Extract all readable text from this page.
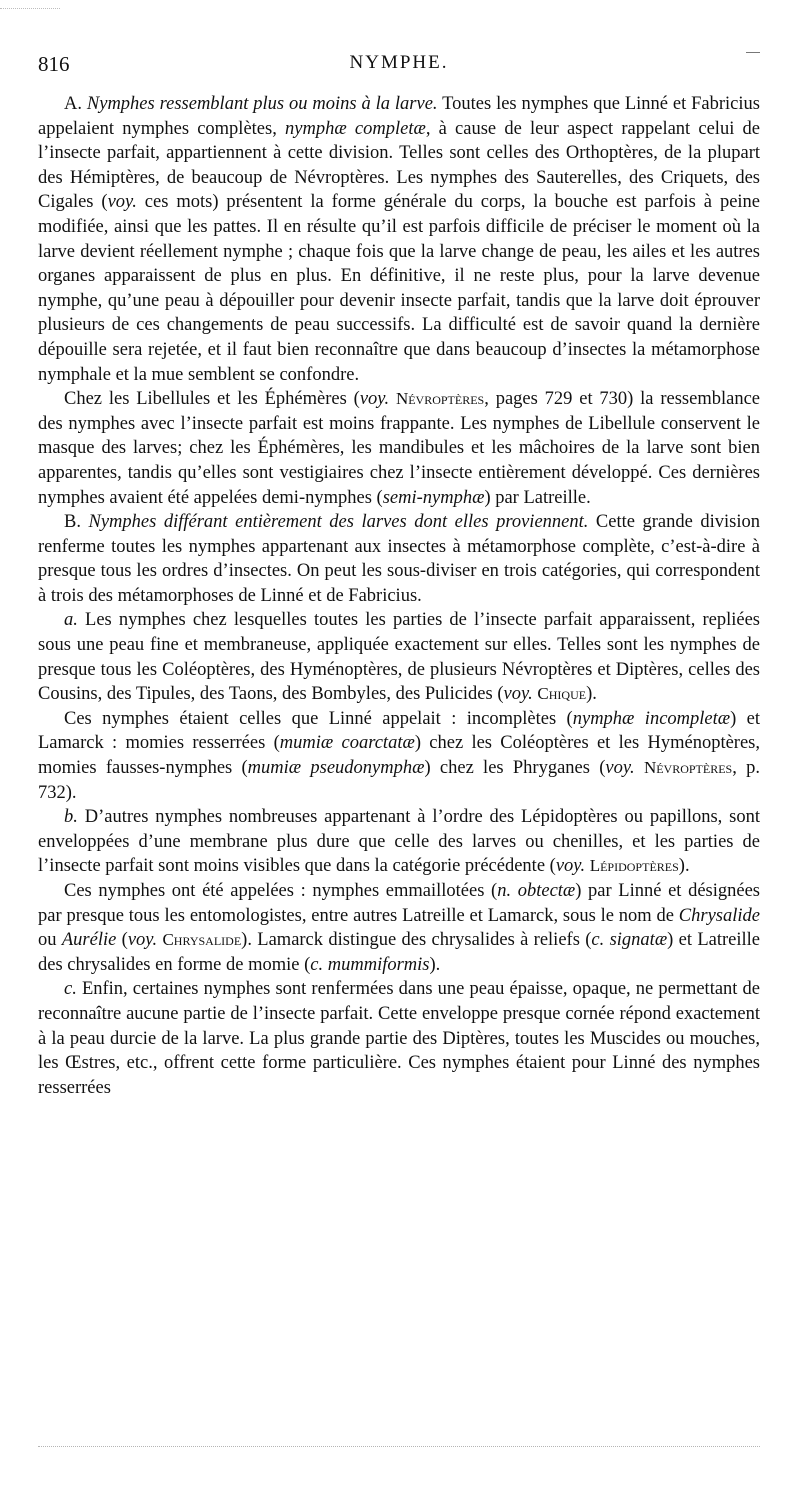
816	NYMPHE.

A. Nymphes ressemblant plus ou moins à la larve. Toutes les nymphes que Linné et Fabricius appelaient nymphes complètes, nymphæ completæ, à cause de leur aspect rappelant celui de l’insecte parfait, appartiennent à cette division. Telles sont celles des Orthoptères, de la plupart des Hémiptères, de beaucoup de Névroptères. Les nymphes des Sauterelles, des Criquets, des Cigales (voy. ces mots) présentent la forme générale du corps, la bouche est parfois à peine modifiée, ainsi que les pattes. Il en résulte qu’il est parfois difficile de préciser le moment où la larve devient réellement nymphe ; chaque fois que la larve change de peau, les ailes et les autres organes apparaissent de plus en plus. En définitive, il ne reste plus, pour la larve devenue nymphe, qu’une peau à dépouiller pour devenir insecte parfait, tandis que la larve doit éprouver plusieurs de ces changements de peau successifs. La difficulté est de savoir quand la dernière dépouille sera rejetée, et il faut bien reconnaître que dans beaucoup d’insectes la métamorphose nymphale et la mue semblent se confondre.

Chez les Libellules et les Éphémères (voy. Névroptères, pages 729 et 730) la ressemblance des nymphes avec l’insecte parfait est moins frappante. Les nymphes de Libellule conservent le masque des larves; chez les Éphémères, les mandibules et les mâchoires de la larve sont bien apparentes, tandis qu’elles sont vestigiaires chez l’insecte entièrement développé. Ces dernières nymphes avaient été appelées demi-nymphes (semi-nymphæ) par Latreille.

B. Nymphes différant entièrement des larves dont elles proviennent. Cette grande division renferme toutes les nymphes appartenant aux insectes à métamorphose complète, c’est-à-dire à presque tous les ordres d’insectes. On peut les sous-diviser en trois catégories, qui correspondent à trois des métamorphoses de Linné et de Fabricius.

a. Les nymphes chez lesquelles toutes les parties de l’insecte parfait apparaissent, repliées sous une peau fine et membraneuse, appliquée exactement sur elles. Telles sont les nymphes de presque tous les Coléoptères, des Hyménoptères, de plusieurs Névroptères et Diptères, celles des Cousins, des Tipules, des Taons, des Bombyles, des Pulicides (voy. Chique).

Ces nymphes étaient celles que Linné appelait : incomplètes (nymphæ incompletæ) et Lamarck : momies resserrées (mumiæ coarctatæ) chez les Coléoptères et les Hyménoptères, momies fausses-nymphes (mumiæ pseudonymphæ) chez les Phryganes (voy. Névroptères, p. 732).

b. D’autres nymphes nombreuses appartenant à l’ordre des Lépidoptères ou papillons, sont enveloppées d’une membrane plus dure que celle des larves ou chenilles, et les parties de l’insecte parfait sont moins visibles que dans la catégorie précédente (voy. Lépidoptères).

Ces nymphes ont été appelées : nymphes emmaillotées (n. obtectæ) par Linné et désignées par presque tous les entomologistes, entre autres Latreille et Lamarck, sous le nom de Chrysalide ou Aurélie (voy. Chrysalide). Lamarck distingue des chrysalides à reliefs (c. signatæ) et Latreille des chrysalides en forme de momie (c. mummiformis).

c. Enfin, certaines nymphes sont renfermées dans une peau épaisse, opaque, ne permettant de reconnaître aucune partie de l’insecte parfait. Cette enveloppe presque cornée répond exactement à la peau durcie de la larve. La plus grande partie des Diptères, toutes les Muscides ou mouches, les Œstres, etc., offrent cette forme particulière. Ces nymphes étaient pour Linné des nymphes resserrées
